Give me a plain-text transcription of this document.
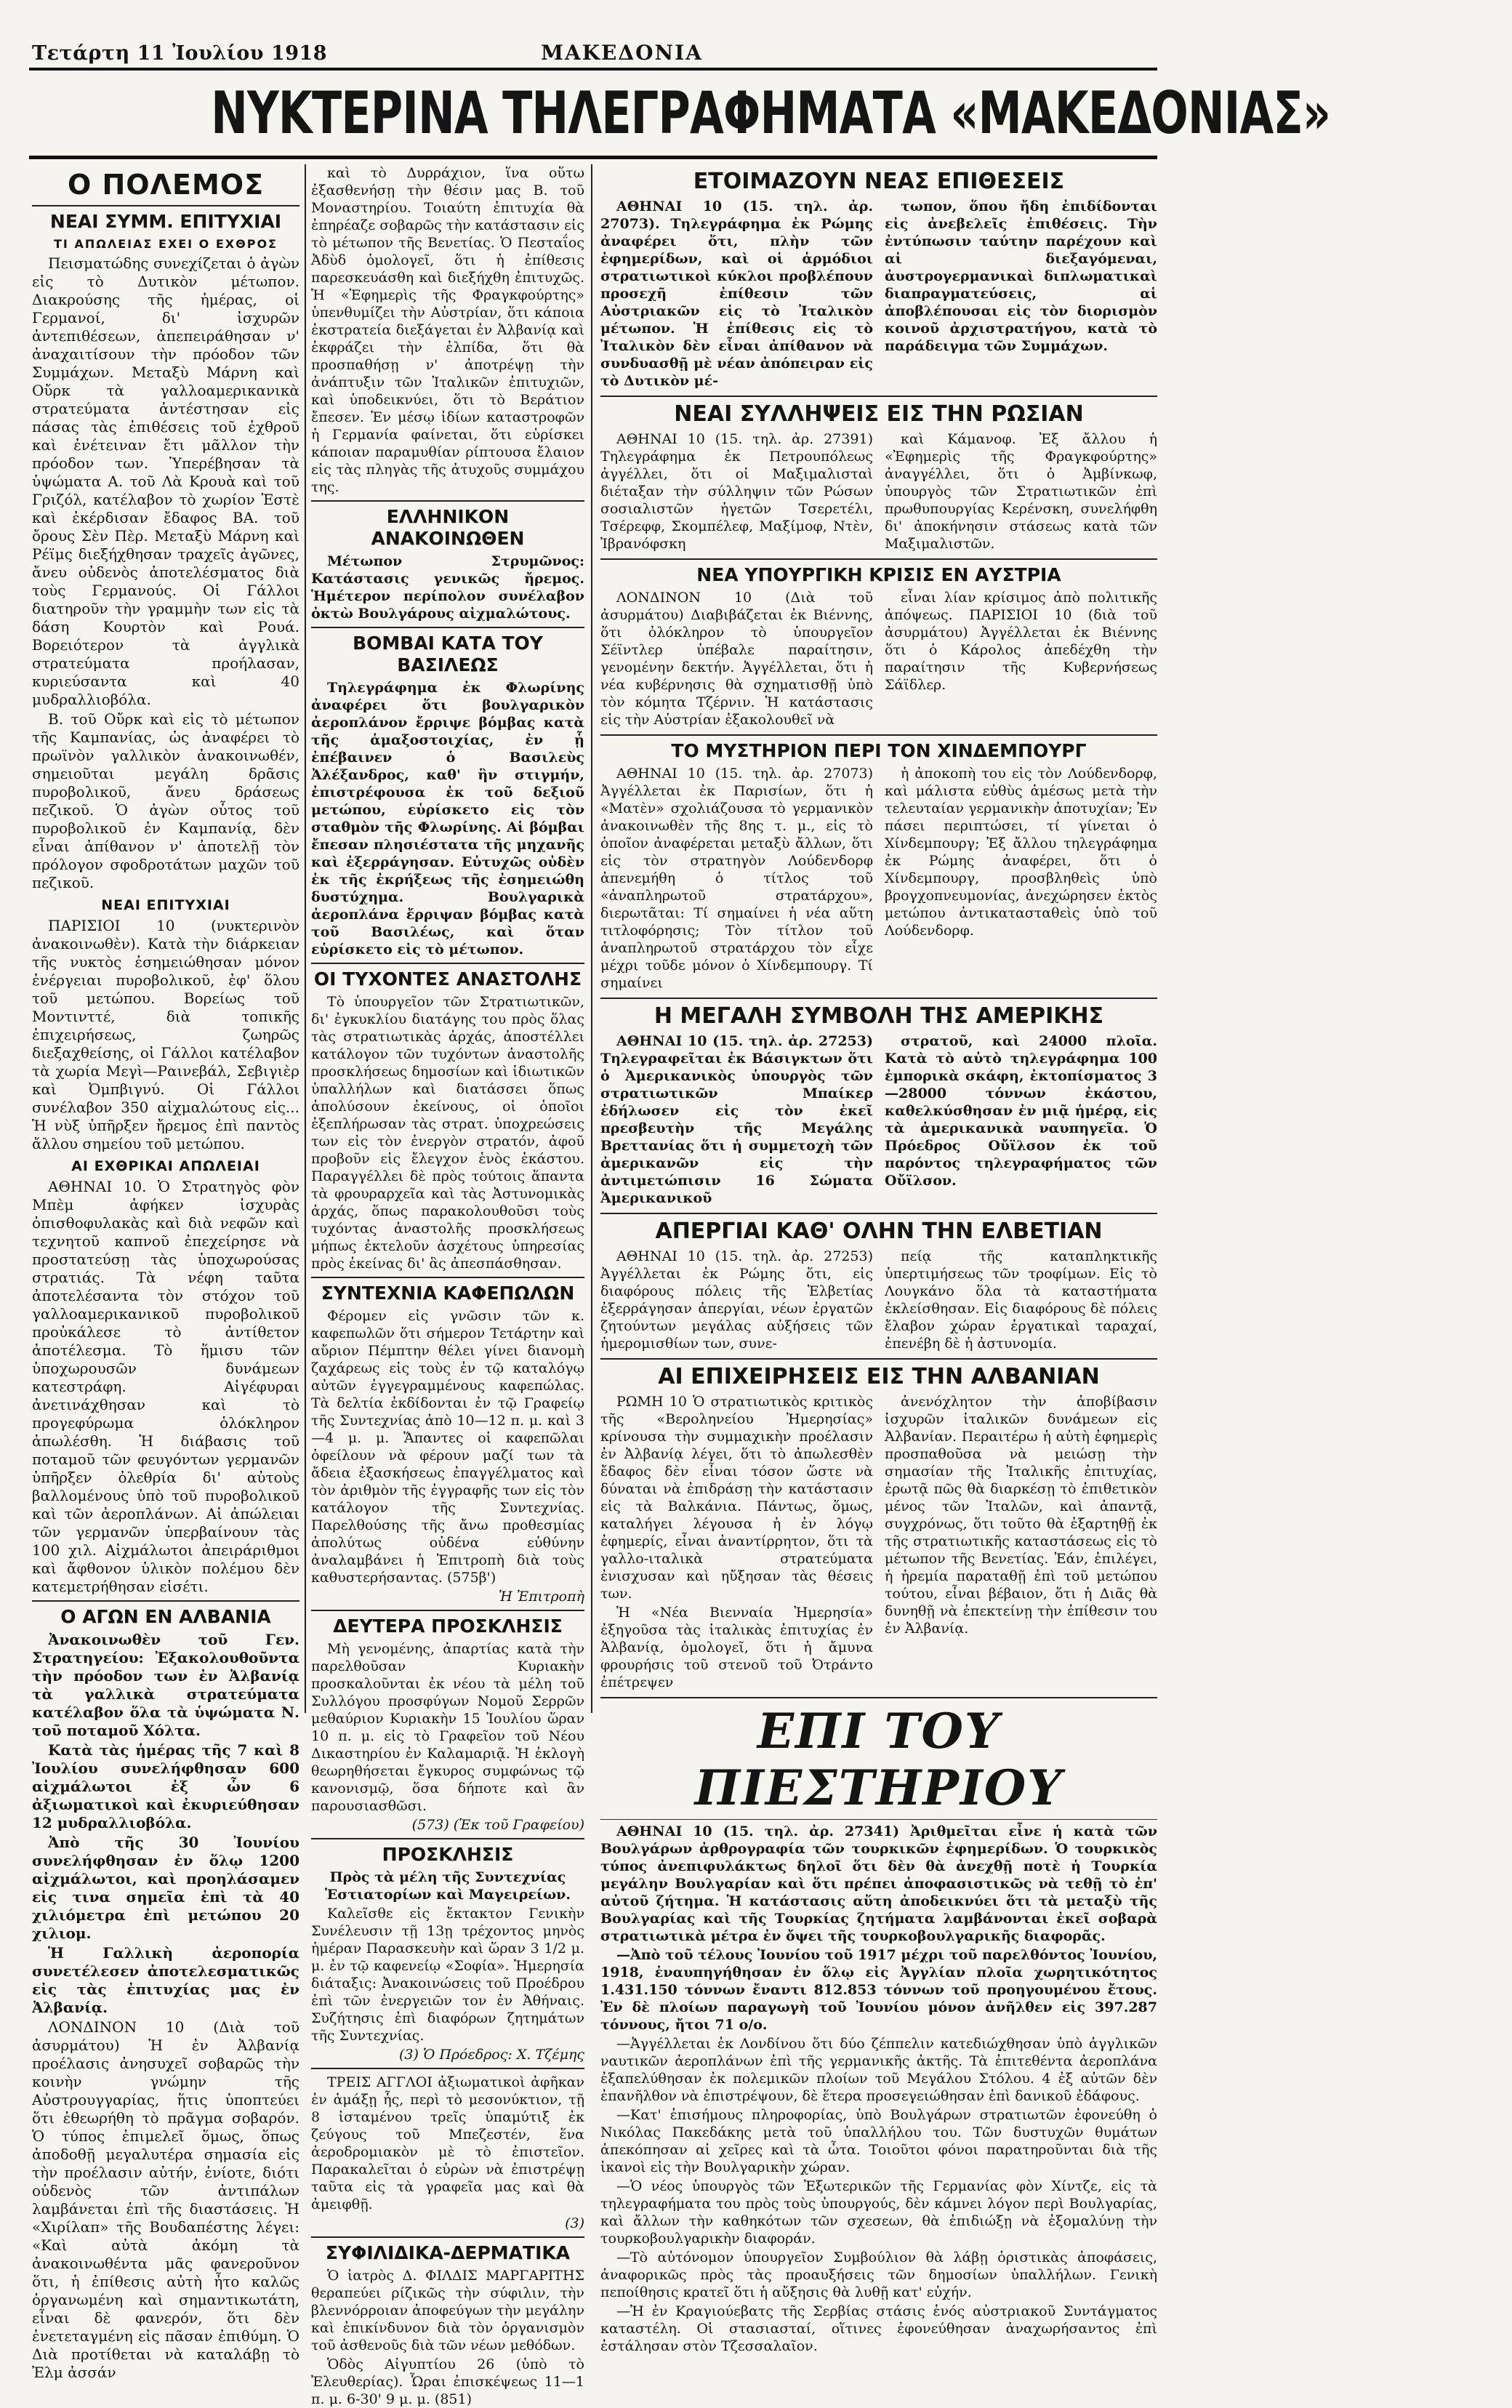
Τετάρτη 11 Ἰουλίου 1918	ΜΑΚΕΔΟΝΙΑ
ΝΥΚΤΕΡΙΝΑ ΤΗΛΕΓΡΑΦΗΜΑΤΑ «ΜΑΚΕΔΟΝΙΑΣ»
Ο ΠΟΛΕΜΟΣ
ΝΕΑΙ ΣΥΜΜ. ΕΠΙΤΥΧΙΑΙ
ΤΙ ΑΠΩΛΕΙΑΣ ΕΧΕΙ Ο ΕΧΘΡΟΣ

Πεισματώδης συνεχίζεται ὁ ἀγὼν εἰς τὸ Δυτικὸν μέτωπον. Διακρούσης τῆς ἡμέρας, οἱ Γερμανοί, δι' ἰσχυρῶν ἀντεπιθέσεων, ἀπεπειράθησαν ν' ἀναχαιτίσουν τὴν πρόοδον τῶν Συμμάχων. Μεταξὺ Μάρνη καὶ Οὔρκ τὰ γαλλοαμερικανικὰ στρατεύματα ἀντέστησαν εἰς πάσας τὰς ἐπιθέσεις τοῦ ἐχθροῦ καὶ ἐνέτειναν ἔτι μᾶλλον τὴν πρόοδον των. Ὑπερέβησαν τὰ ὑψώματα Α. τοῦ Λὰ Κρουὰ καὶ τοῦ Γριζόλ, κατέλαβον τὸ χωρίον Ἐστὲ καὶ ἐκέρδισαν ἔδαφος ΒΑ. τοῦ ὄρους Σὲν Πὲρ. Μεταξὺ Μάρνη καὶ Ρέϊμς διεξήχθησαν τραχεῖς ἀγῶνες, ἄνευ οὐδενὸς ἀποτελέσματος διὰ τοὺς Γερμανούς. Οἱ Γάλλοι διατηροῦν τὴν γραμμὴν των εἰς τὰ δάση Κουρτὸν καὶ Ρουά. Βορειότερον τὰ ἀγγλικὰ στρατεύματα προήλασαν, κυριεύσαντα καὶ 40 μυδραλλιοβόλα.

Β. τοῦ Οὔρκ καὶ εἰς τὸ μέτωπον τῆς Καμπανίας, ὡς ἀναφέρει τὸ πρωϊνὸν γαλλικὸν ἀνακοινωθέν, σημειοῦται μεγάλη δρᾶσις πυροβολικοῦ, ἄνευ δράσεως πεζικοῦ. Ὁ ἀγὼν οὗτος τοῦ πυροβολικοῦ ἐν Καμπανίᾳ, δὲν εἶναι ἀπίθανον ν' ἀποτελῇ τὸν πρόλογον σφοδροτάτων μαχῶν τοῦ πεζικοῦ.

ΝΕΑΙ ΕΠΙΤΥΧΙΑΙ

ΠΑΡΙΣΙΟΙ 10 (νυκτερινὸν ἀνακοινωθὲν). Κατὰ τὴν διάρκειαν τῆς νυκτὸς ἐσημειώθησαν μόνον ἐνέργειαι πυροβολικοῦ, ἐφ' ὅλου τοῦ μετώπου. Βορείως τοῦ Μοντινττέ, διὰ τοπικῆς ἐπιχειρήσεως, ζωηρῶς διεξαχθείσης, οἱ Γάλλοι κατέλαβον τὰ χωρία Μεγὶ—Ραινεβάλ, Σεβιγιὲρ καὶ Ὀμπβιγνύ. Οἱ Γάλλοι συνέλαβον 350 αἰχμαλώτους εἰς... Ἡ νὺξ ὑπῆρξεν ἤρεμος ἐπὶ παντὸς ἄλλου σημείου τοῦ μετώπου.

ΑΙ ΕΧΘΡΙΚΑΙ ΑΠΩΛΕΙΑΙ

ΑΘΗΝΑΙ 10. Ὁ Στρατηγὸς φὸν Μπὲμ ἀφήκεν ἰσχυρὰς ὀπισθοφυλακὰς καὶ διὰ νεφῶν καὶ τεχνητοῦ καπνοῦ ἐπεχείρησε νὰ προστατεύσῃ τὰς ὑποχωρούσας στρατιάς. Τὰ νέφη ταῦτα ἀποτελέσαντα τὸν στόχον τοῦ γαλλοαμερικανικοῦ πυροβολικοῦ προὐκάλεσε τὸ ἀντίθετον ἀποτέλεσμα. Τὸ ἥμισυ τῶν ὑποχωρουσῶν δυνάμεων κατεστράφη. Αἰγέφυραι ἀνετινάχθησαν καὶ τὸ προγεφύρωμα ὁλόκληρον ἀπωλέσθη. Ἡ διάβασις τοῦ ποταμοῦ τῶν φευγόντων γερμανῶν ὑπῆρξεν ὀλεθρία δι' αὐτοὺς βαλλομένους ὑπὸ τοῦ πυροβολικοῦ καὶ τῶν ἀεροπλάνων. Αἱ ἀπώλειαι τῶν γερμανῶν ὑπερβαίνουν τὰς 100 χιλ. Αἰχμάλωτοι ἀπειράριθμοι καὶ ἄφθονον ὑλικὸν πολέμου δὲν κατεμετρήθησαν εἰσέτι.

Ο ΑΓΩΝ ΕΝ ΑΛΒΑΝΙΑ

Ἀνακοινωθὲν τοῦ Γεν. Στρατηγείου: Ἐξακολουθοῦντα τὴν πρόοδον των ἐν Ἀλβανίᾳ τὰ γαλλικὰ στρατεύματα κατέλαβον ὅλα τὰ ὑψώματα Ν. τοῦ ποταμοῦ Χόλτα.

Κατὰ τὰς ἡμέρας τῆς 7 καὶ 8 Ἰουλίου συνελήφθησαν 600 αἰχμάλωτοι ἐξ ὧν 6 ἀξιωματικοὶ καὶ ἐκυριεύθησαν 12 μυδραλλιοβόλα.

Ἀπὸ τῆς 30 Ἰουνίου συνελήφθησαν ἐν ὅλῳ 1200 αἰχμάλωτοι, καὶ προηλάσαμεν εἰς τινα σημεῖα ἐπὶ τὰ 40 χιλιόμετρα ἐπὶ μετώπου 20 χιλιομ.

Ἡ Γαλλικὴ ἀεροπορία συνετέλεσεν ἀποτελεσματικῶς εἰς τὰς ἐπιτυχίας μας ἐν Ἀλβανίᾳ.

ΛΟΝΔΙΝΟΝ 10 (Διὰ τοῦ ἀσυρμάτου) Ἡ ἐν Ἀλβανίᾳ προέλασις ἀνησυχεῖ σοβαρῶς τὴν κοινὴν γνώμην τῆς Αὐστρουγγαρίας, ἥτις ὑποπτεύει ὅτι ἐθεωρήθη τὸ πρᾶγμα σοβαρόν. Ὁ τύπος ἐπιμελεῖ ὅμως, ὅπως ἀποδοθῇ μεγαλυτέρα σημασία εἰς τὴν προέλασιν αὐτήν, ἐνίοτε, διότι οὐδενὸς τῶν ἀντιπάλων λαμβάνεται ἐπὶ τῆς διαστάσεις. Ἡ «Χιρίλαπ» τῆς Βουδαπέστης λέγει: «Καὶ αὐτὰ ἀκόμη τὰ ἀνακοινωθέντα μᾶς φανεροῦνον ὅτι, ἡ ἐπίθεσις αὐτὴ ἦτο καλῶς ὀργανωμένη καὶ σημαντικωτάτη, εἶναι δὲ φανερόν, ὅτι δὲν ἐνετεταγμένη εἰς πᾶσαν ἐπιθύμη. Ὁ Διὰ προτίθεται νὰ καταλάβῃ τὸ Ἐλμ ἀσσάν

καὶ τὸ Δυρράχιον, ἵνα οὕτω ἐξασθενήσῃ τὴν θέσιν μας Β. τοῦ Μοναστηρίου. Τοιαύτη ἐπιτυχία θὰ ἐπηρέαζε σοβαρῶς τὴν κατάστασιν εἰς τὸ μέτωπον τῆς Βενετίας. Ὁ Πεσταΐος Ἀδὺδ ὁμολογεῖ, ὅτι ἡ ἐπίθεσις παρεσκευάσθη καὶ διεξήχθη ἐπιτυχῶς. Ἡ «Ἐφημερὶς τῆς Φραγκφούρτης» ὑπενθυμίζει τὴν Αὐστρίαν, ὅτι κάποια ἐκστρατεία διεξάγεται ἐν Ἀλβανίᾳ καὶ ἐκφράζει τὴν ἐλπίδα, ὅτι θὰ προσπαθήσῃ ν' ἀποτρέψῃ τὴν ἀνάπτυξιν τῶν Ἰταλικῶν ἐπιτυχιῶν, καὶ ὑποδεικνύει, ὅτι τὸ Βεράτιον ἔπεσεν. Ἐν μέσῳ ἰδίων καταστροφῶν ἡ Γερμανία φαίνεται, ὅτι εὑρίσκει κάποιαν παραμυθίαν ρίπτουσα ἔλαιον εἰς τὰς πληγὰς τῆς ἀτυχοῦς συμμάχου της.

ΕΛΛΗΝΙΚΟΝ ΑΝΑΚΟΙΝΩΘΕΝ

Μέτωπον Στρυμῶνος: Κατάστασις γενικῶς ἤρεμος. Ἡμέτερον περίπολον συνέλαβον ὀκτὼ Βουλγάρους αἰχμαλώτους.

ΒΟΜΒΑΙ ΚΑΤΑ ΤΟΥ ΒΑΣΙΛΕΩΣ

Τηλεγράφημα ἐκ Φλωρίνης ἀναφέρει ὅτι βουλγαρικὸν ἀεροπλάνον ἔρριψε βόμβας κατὰ τῆς ἁμαξοστοιχίας, ἐν ᾗ ἐπέβαινεν ὁ Βασιλεὺς Ἀλέξανδρος, καθ' ἣν στιγμήν, ἐπιστρέφουσα ἐκ τοῦ δεξιοῦ μετώπου, εὑρίσκετο εἰς τὸν σταθμὸν τῆς Φλωρίνης. Αἱ βόμβαι ἔπεσαν πλησιέστατα τῆς μηχανῆς καὶ ἐξερράγησαν. Εὐτυχῶς οὐδὲν ἐκ τῆς ἐκρήξεως τῆς ἐσημειώθη δυστύχημα. Βουλγαρικὰ ἀεροπλάνα ἔρριψαν βόμβας κατὰ τοῦ Βασιλέως, καὶ ὅταν εὑρίσκετο εἰς τὸ μέτωπον.

ΟΙ ΤΥΧΟΝΤΕΣ ΑΝΑΣΤΟΛΗΣ

Τὸ ὑπουργεῖον τῶν Στρατιωτικῶν, δι' ἐγκυκλίου διατάγης του πρὸς ὅλας τὰς στρατιωτικὰς ἀρχάς, ἀποστέλλει κατάλογον τῶν τυχόντων ἀναστολῆς προσκλήσεως δημοσίων καὶ ἰδιωτικῶν ὑπαλλήλων καὶ διατάσσει ὅπως ἀπολύσουν ἐκείνους, οἱ ὁποῖοι ἐξεπλήρωσαν τὰς στρατ. ὑποχρεώσεις των εἰς τὸν ἐνεργὸν στρατόν, ἀφοῦ προβοῦν εἰς ἔλεγχον ἑνὸς ἑκάστου. Παραγγέλλει δὲ πρὸς τούτοις ἅπαντα τὰ φρουραρχεῖα καὶ τὰς Ἀστυνομικὰς ἀρχάς, ὅπως παρακολουθοῦσι τοὺς τυχόντας ἀναστολῆς προσκλήσεως μήπως ἐκτελοῦν ἀσχέτους ὑπηρεσίας πρὸς ἐκείνας δι' ἃς ἀπεσπάσθησαν.

ΣΥΝΤΕΧΝΙΑ ΚΑΦΕΠΩΛΩΝ

Φέρομεν εἰς γνῶσιν τῶν κ. καφεπωλῶν ὅτι σήμερον Τετάρτην καὶ αὔριον Πέμπτην θέλει γίνει διανομὴ ζαχάρεως εἰς τοὺς ἐν τῷ καταλόγῳ αὐτῶν ἐγγεγραμμένους καφεπώλας. Τὰ δελτία ἐκδίδονται ἐν τῷ Γραφείῳ τῆς Συντεχνίας ἀπὸ 10—12 π. μ. καὶ 3—4 μ. μ. Ἅπαντες οἱ καφεπῶλαι ὀφείλουν νὰ φέρουν μαζί των τὰ ἄδεια ἐξασκήσεως ἐπαγγέλματος καὶ τὸν ἀριθμὸν τῆς ἐγγραφῆς των εἰς τὸν κατάλογον τῆς Συντεχνίας. Παρελθούσης τῆς ἄνω προθεσμίας ἀπολύτως οὐδένα εὐθύνην ἀναλαμβάνει ἡ Ἐπιτροπὴ διὰ τοὺς καθυστερήσαντας. (575β')

Ἡ Ἐπιτροπὴ
ΔΕΥΤΕΡΑ ΠΡΟΣΚΛΗΣΙΣ

Μὴ γενομένης, ἀπαρτίας κατὰ τὴν παρελθοῦσαν Κυριακὴν προσκαλοῦνται ἐκ νέου τὰ μέλη τοῦ Συλλόγου προσφύγων Νομοῦ Σερρῶν μεθαύριον Κυριακὴν 15 Ἰουλίου ὥραν 10 π. μ. εἰς τὸ Γραφεῖον τοῦ Νέου Δικαστηρίου ἐν Καλαμαριᾷ. Ἡ ἐκλογὴ θεωρηθήσεται ἔγκυρος συμφώνως τῷ κανονισμῷ, ὅσα δήποτε καὶ ἂν παρουσιασθῶσι.

(573) (Ἐκ τοῦ Γραφείου)
ΠΡΟΣΚΛΗΣΙΣ

Πρὸς τὰ μέλη τῆς Συντεχνίας Ἑστιατορίων καὶ Μαγειρείων.

Καλεῖσθε εἰς ἔκτακτον Γενικὴν Συνέλευσιν τῇ 13ῃ τρέχοντος μηνὸς ἡμέραν Παρασκευὴν καὶ ὥραν 3 1/2 μ. μ. ἐν τῷ καφενείῳ «Σοφία». Ἡμερησία διάταξις: Ἀνακοινώσεις τοῦ Προέδρου ἐπὶ τῶν ἐνεργειῶν τον ἐν Ἀθήναις. Συζήτησις ἐπὶ διαφόρων ζητημάτων τῆς Συντεχνίας.

(3) Ὁ Πρόεδρος: Χ. Τζέμης

ΤΡΕΙΣ ΑΓΓΛΟΙ ἀξιωματικοὶ ἀφῆκαν ἐν ἁμάξῃ ἧς, περὶ τὸ μεσονύκτιον, τῇ 8 ἰσταμένου τρεῖς ὑπαμύτιξ ἐκ ζεύγους τοῦ Μπεζεστέν, ἕνα ἀεροδρομιακὸν μὲ τὸ ἐπιστεῖον. Παρακαλεῖται ὁ εὑρὼν νὰ ἐπιστρέψῃ ταῦτα εἰς τὰ γραφεῖα μας καὶ θὰ ἀμειφθῇ.

(3)
ΣΥΦΙΛΙΔΙΚΑ-ΔΕΡΜΑΤΙΚΑ

Ὁ ἰατρὸς Δ. ΦΙΛΔΙΣ ΜΑΡΓΑΡΙΤΗΣ θεραπεύει ρίζικῶς τὴν σύφιλιν, τὴν βλεννόρροιαν ἀποφεύγων τὴν μεγάλην καὶ ἐπικίνδυνον διὰ τὸν ὀργανισμὸν τοῦ ἀσθενοῦς διὰ τῶν νέων μεθόδων.

Ὁδὸς Αἰγυπτίου 26 (ὑπὸ τὸ Ἐλευθερίας). Ὧραι ἐπισκέψεως 11—1 π. μ. 6-30' 9 μ. μ. (851)

ΕΤΟΙΜΑΖΟΥΝ ΝΕΑΣ ΕΠΙΘΕΣΕΙΣ

ΑΘΗΝΑΙ 10 (15. τηλ. ἀρ. 27073). Τηλεγράφημα ἐκ Ρώμης ἀναφέρει ὅτι, πλὴν τῶν ἐφημερίδων, καὶ οἱ ἁρμόδιοι στρατιωτικοὶ κύκλοι προβλέπουν προσεχῆ ἐπίθεσιν τῶν Αὐστριακῶν εἰς τὸ Ἰταλικὸν μέτωπον. Ἡ ἐπίθεσις εἰς τὸ Ἰταλικὸν δὲν εἶναι ἀπίθανον νὰ συνδυασθῇ μὲ νέαν ἀπόπειραν εἰς τὸ Δυτικὸν μέ-

τωπον, ὅπου ἤδη ἐπιδίδονται εἰς ἀνεβελεῖς ἐπιθέσεις. Τὴν ἐντύπωσιν ταύτην παρέχουν καὶ αἱ διεξαγόμεναι, ἀυστρογερμανικαὶ διπλωματικαὶ διαπραγματεύσεις, αἱ ἀποβλέπουσαι εἰς τὸν διορισμὸν κοινοῦ ἀρχιστρατήγου, κατὰ τὸ παράδειγμα τῶν Συμμάχων.

ΝΕΑΙ ΣΥΛΛΗΨΕΙΣ ΕΙΣ ΤΗΝ ΡΩΣΙΑΝ

ΑΘΗΝΑΙ 10 (15. τηλ. ἀρ. 27391) Τηλεγράφημα ἐκ Πετρουπόλεως ἀγγέλλει, ὅτι οἱ Μαξιμαλισταὶ διέταξαν τὴν σύλληψιν τῶν Ρώσων σοσιαλιστῶν ἡγετῶν Τσερετέλι, Τσέρεφφ, Σκομπέλεφ, Μαξίμοφ, Ντὲν, Ἰβρανόφσκη

καὶ Κάμανοφ. Ἐξ ἄλλου ἡ «Ἐφημερὶς τῆς Φραγκφούρτης» ἀναγγέλλει, ὅτι ὁ Ἀμβίνκωφ, ὑπουργὸς τῶν Στρατιωτικῶν ἐπὶ πρωθυπουργίας Κερένσκη, συνελήφθη δι' ἀποκήνησιν στάσεως κατὰ τῶν Μαξιμαλιστῶν.

ΝΕΑ ΥΠΟΥΡΓΙΚΗ ΚΡΙΣΙΣ ΕΝ ΑΥΣΤΡΙΑ

ΛΟΝΔΙΝΟΝ 10 (Διὰ τοῦ ἀσυρμάτου) Διαβιβάζεται ἐκ Βιέννης, ὅτι ὁλόκληρον τὸ ὑπουργεῖον Σέϊντλερ ὑπέβαλε παραίτησιν, γενομένην δεκτήν. Ἀγγέλλεται, ὅτι ἡ νέα κυβέρνησις θὰ σχηματισθῇ ὑπὸ τὸν κόμητα Τζέρνιν. Ἡ κατάστασις εἰς τὴν Αὐστρίαν ἐξακολουθεῖ νὰ

εἶναι λίαν κρίσιμος ἀπὸ πολιτικῆς ἀπόψεως. ΠΑΡΙΣΙΟΙ 10 (διὰ τοῦ ἀσυρμάτου) Ἀγγέλλεται ἐκ Βιέννης ὅτι ὁ Κάρολος ἀπεδέχθη τὴν παραίτησιν τῆς Κυβερνήσεως Σάϊδλερ.

ΤΟ ΜΥΣΤΗΡΙΟΝ ΠΕΡΙ ΤΟΝ ΧΙΝΔΕΜΠΟΥΡΓ

ΑΘΗΝΑΙ 10 (15. τηλ. ἀρ. 27073) Ἀγγέλλεται ἐκ Παρισίων, ὅτι ἡ «Ματὲν» σχολιάζουσα τὸ γερμανικὸν ἀνακοινωθὲν τῆς 8ης τ. μ., εἰς τὸ ὁποῖον ἀναφέρεται μεταξὺ ἄλλων, ὅτι εἰς τὸν στρατηγὸν Λούδενδορφ ἀπενεμήθη ὁ τίτλος τοῦ «ἀναπληρωτοῦ στρατάρχου», διερωτᾶται: Τί σημαίνει ἡ νέα αὕτη τιτλοφόρησις; Τὸν τίτλον τοῦ ἀναπληρωτοῦ στρατάρχου τὸν εἶχε μέχρι τοῦδε μόνον ὁ Χίνδεμπουργ. Τί σημαίνει

ἡ ἀποκοπὴ του εἰς τὸν Λούδενδορφ, καὶ μάλιστα εὐθὺς ἀμέσως μετὰ τὴν τελευταίαν γερμανικὴν ἀποτυχίαν; Ἐν πάσει περιπτώσει, τί γίνεται ὁ Χίνδεμπουργ; Ἐξ ἄλλου τηλεγράφημα ἐκ Ρώμης ἀναφέρει, ὅτι ὁ Χίνδεμπουργ, προσβληθεὶς ὑπὸ βρογχοπνευμονίας, ἀνεχώρησεν ἐκτὸς μετώπου ἀντικατασταθεὶς ὑπὸ τοῦ Λούδενδορφ.

Η ΜΕΓΑΛΗ ΣΥΜΒΟΛΗ ΤΗΣ ΑΜΕΡΙΚΗΣ

ΑΘΗΝΑΙ 10 (15. τηλ. ἀρ. 27253) Τηλεγραφεῖται ἐκ Βάσιγκτων ὅτι ὁ Ἀμερικανικὸς ὑπουργὸς τῶν στρατιωτικῶν Μπαίκερ ἐδήλωσεν εἰς τὸν ἐκεῖ πρεσβευτὴν τῆς Μεγάλης Βρεττανίας ὅτι ἡ συμμετοχὴ τῶν ἀμερικανῶν εἰς τὴν ἀντιμετώπισιν 16 Σώματα Ἀμερικανικοῦ

στρατοῦ, καὶ 24000 πλοῖα. Κατὰ τὸ αὐτὸ τηλεγράφημα 100 ἐμπορικὰ σκάφη, ἐκτοπίσματος 3—28000 τόννων ἐκάστου, καθελκύσθησαν ἐν μιᾷ ἡμέρᾳ, εἰς τὰ ἀμερικανικὰ ναυπηγεῖα. Ὁ Πρόεδρος Οὔϊλσον ἐκ τοῦ παρόντος τηλεγραφήματος τῶν Οὔϊλσον.

ΑΠΕΡΓΙΑΙ ΚΑΘ' ΟΛΗΝ ΤΗΝ ΕΛΒΕΤΙΑΝ

ΑΘΗΝΑΙ 10 (15. τηλ. ἀρ. 27253) Ἀγγέλλεται ἐκ Ρώμης ὅτι, εἰς διαφόρους πόλεις τῆς Ἑλβετίας ἐξερράγησαν ἀπεργίαι, νέων ἐργατῶν ζητούντων μεγάλας αὐξήσεις τῶν ἡμερομισθίων των, συνε-

πείᾳ τῆς καταπληκτικῆς ὑπερτιμήσεως τῶν τροφίμων. Εἰς τὸ Λουγκάνο ὅλα τὰ καταστήματα ἐκλείσθησαν. Εἰς διαφόρους δὲ πόλεις ἔλαβον χώραν ἐργατικαὶ ταραχαί, ἐπενέβη δὲ ἡ ἀστυνομία.

ΑΙ ΕΠΙΧΕΙΡΗΣΕΙΣ ΕΙΣ ΤΗΝ ΑΛΒΑΝΙΑΝ

ΡΩΜΗ 10 Ὁ στρατιωτικὸς κριτικὸς τῆς «Βεροληνείου Ἡμερησίας» κρίνουσα τὴν συμμαχικὴν προέλασιν ἐν Ἀλβανίᾳ λέγει, ὅτι τὸ ἀπωλεσθὲν ἔδαφος δὲν εἶναι τόσον ὥστε νὰ δύναται νὰ ἐπιδράσῃ τὴν κατάστασιν εἰς τὰ Βαλκάνια. Πάντως, ὅμως, καταλήγει λέγουσα ἡ ἐν λόγῳ ἐφημερίς, εἶναι ἀναντίρρητον, ὅτι τὰ γαλλο-ιταλικὰ στρατεύματα ἐνισχυσαν καὶ ηὔξησαν τὰς θέσεις των.

Ἡ «Νέα Βιενναία Ἡμερησία» ἐξηγοῦσα τὰς ἰταλικὰς ἐπιτυχίας ἐν Ἀλβανίᾳ, ὁμολογεῖ, ὅτι ἡ ἄμυνα φρουρήσις τοῦ στενοῦ τοῦ Ὀτράντο ἐπέτρεψεν

ἀνενόχλητον τὴν ἀποβίβασιν ἰσχυρῶν ἰταλικῶν δυνάμεων εἰς Ἀλβανίαν. Περαιτέρω ἡ αὐτὴ ἐφημερὶς προσπαθοῦσα νὰ μειώσῃ τὴν σημασίαν τῆς Ἰταλικῆς ἐπιτυχίας, ἐρωτᾷ πῶς θὰ διαρκέσῃ τὸ ἐπιθετικὸν μένος τῶν Ἰταλῶν, καὶ ἀπαντᾷ, συγχρόνως, ὅτι τοῦτο θὰ ἐξαρτηθῇ ἐκ τῆς στρατιωτικῆς καταστάσεως εἰς τὸ μέτωπον τῆς Βενετίας. Ἐάν, ἐπιλέγει, ἡ ἠρεμία παραταθῇ ἐπὶ τοῦ μετώπου τούτου, εἶναι βέβαιον, ὅτι ἡ Διᾶς θὰ δυνηθῇ νὰ ἐπεκτείνῃ τὴν ἐπίθεσιν του ἐν Ἀλβανίᾳ.

ΕΠΙ ΤΟΥ ΠΙΕΣΤΗΡΙΟΥ

ΑΘΗΝΑΙ 10 (15. τηλ. ἀρ. 27341) Ἀριθμεῖται εἶνε ἡ κατὰ τῶν Βουλγάρων ἀρθρογραφία τῶν τουρκικῶν ἐφημερίδων. Ὁ τουρκικὸς τύπος ἀνεπιφυλάκτως δηλοῖ ὅτι δὲν θὰ ἀνεχθῇ ποτὲ ἡ Τουρκία μεγάλην Βουλγαρίαν καὶ ὅτι πρέπει ἀποφασιστικῶς νὰ τεθῇ τὸ ἐπ' αὐτοῦ ζήτημα. Ἡ κατάστασις αὕτη ἀποδεικνύει ὅτι τὰ μεταξὺ τῆς Βουλγαρίας καὶ τῆς Τουρκίας ζητήματα λαμβάνονται ἐκεῖ σοβαρὰ στρατιωτικὰ μέτρα ἐν ὄψει τῆς τουρκοβουλγαρικῆς διαφορᾶς.

—Ἀπὸ τοῦ τέλους Ἰουνίου τοῦ 1917 μέχρι τοῦ παρελθόντος Ἰουνίου, 1918, ἐναυπηγήθησαν ἐν ὅλῳ εἰς Ἀγγλίαν πλοῖα χωρητικότητος 1.431.150 τόννων ἔναντι 812.853 τόννων τοῦ προηγουμένου ἔτους. Ἐν δὲ πλοίων παραγωγὴ τοῦ Ἰουνίου μόνον ἀνῆλθεν εἰς 397.287 τόννους, ἤτοι 71 ο/ο.

—Ἀγγέλλεται ἐκ Λονδίνου ὅτι δύο ζέππελιν κατεδιώχθησαν ὑπὸ ἀγγλικῶν ναυτικῶν ἀεροπλάνων ἐπὶ τῆς γερμανικῆς ἀκτῆς. Τὰ ἐπιτεθέντα ἀεροπλάνα ἐξαπελύθησαν ἐκ πολεμικῶν πλοίων τοῦ Μεγάλου Στόλου. 4 ἐξ αὐτῶν δὲν ἐπανῆλθον νὰ ἐπιστρέψουν, δὲ ἕτερα προσεγειώθησαν ἐπὶ δανικοῦ ἐδάφους.

—Κατ' ἐπισήμους πληροφορίας, ὑπὸ Βουλγάρων στρατιωτῶν ἐφονεύθη ὁ Νικόλας Πακεδάκης μετὰ τοῦ ὑπαλλήλου του. Τῶν δυστυχῶν θυμάτων ἀπεκόπησαν αἱ χεῖρες καὶ τὰ ὦτα. Τοιοῦτοι φόνοι παρατηροῦνται διὰ τῆς ἱκανοὶ εἰς τὴν Βουλγαρικὴν χώραν.

—Ὁ νέος ὑπουργὸς τῶν Ἐξωτερικῶν τῆς Γερμανίας φὸν Χίντζε, εἰς τὰ τηλεγραφήματα του πρὸς τοὺς ὑπουργούς, δὲν κάμνει λόγον περὶ Βουλγαρίας, καὶ ἄλλων τὴν καθηκότων τῶν σχεσεων, θὰ ἐπιδιώξῃ νὰ ἐξομαλύνῃ τὴν τουρκοβουλγαρικὴν διαφοράν.

—Τὸ αὐτόνομον ὑπουργεῖον Συμβούλιον θὰ λάβῃ ὁριστικὰς ἀποφάσεις, ἀναφορικῶς πρὸς τὰς προαυξήσεις τῶν δημοσίων ὑπαλλήλων. Γενικὴ πεποίθησις κρατεῖ ὅτι ἡ αὔξησις θὰ λυθῇ κατ' εὐχήν.

—Ἡ ἐν Κραγιούεβατς τῆς Σερβίας στάσις ἑνός αὐστριακοῦ Συντάγματος καταστέλη. Οἱ στασιασταί, οἵτινες ἐφονεύθησαν ἀναχωρήσαντος ἐπὶ ἐστάλησαν στὸν Τζεσσαλαῖον.
